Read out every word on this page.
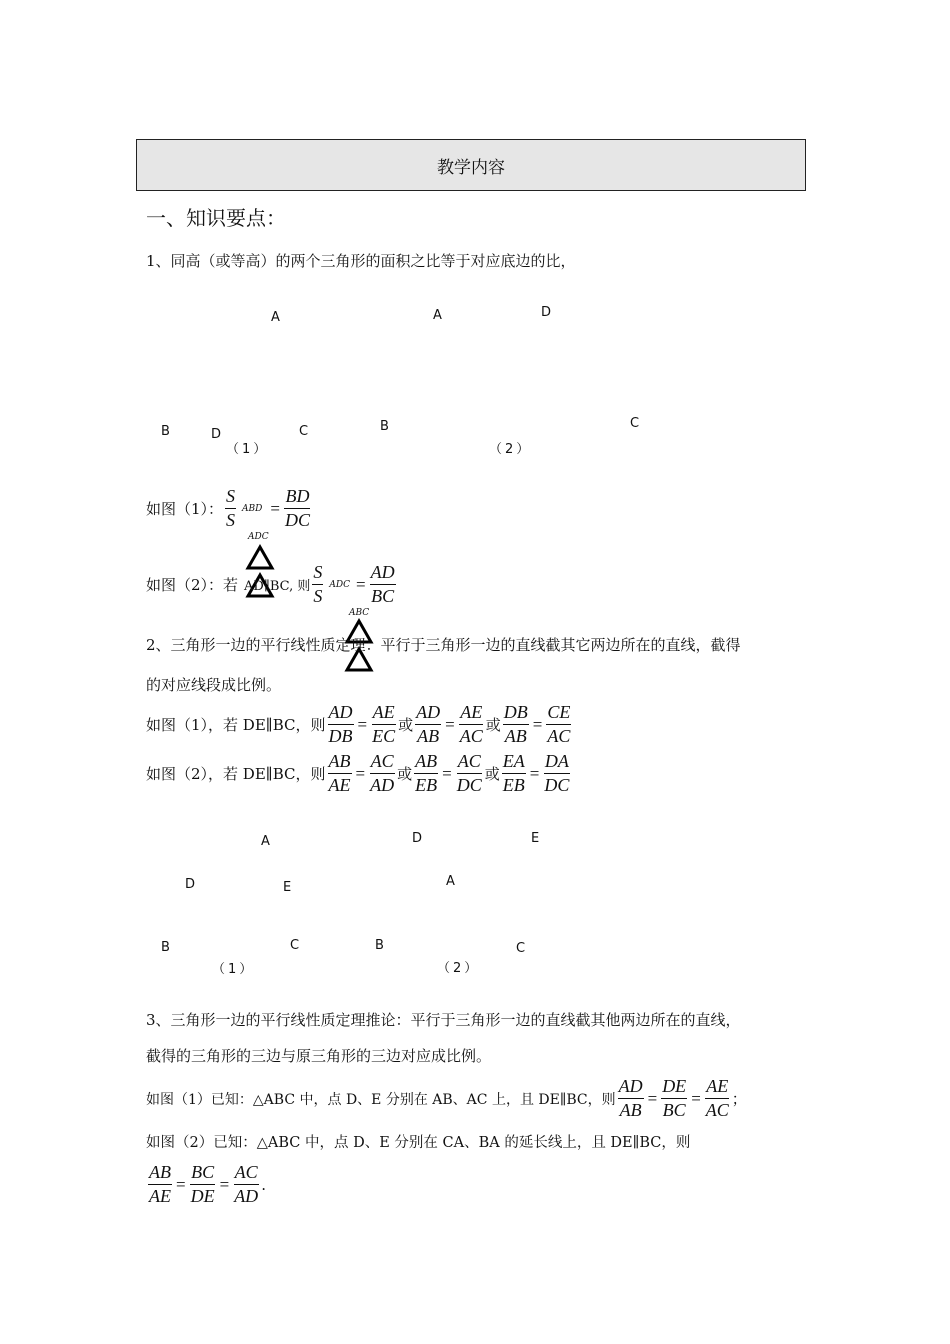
教学内容
一、知识要点：
1、同高（或等高）的两个三角形的面积之比等于对应底边的比，
A	A	D
B	D
（1）
C	B
（2）
C
如图（1）： $\frac{S}{S}$ ABD = $\frac{BD}{DC}$
ADC
如图（2）：若 AD∥BC, 则 $\frac{S}{S}$ ADC = $\frac{AD}{BC}$
ABC
2、三角形一边的平行线性质定理：平行于三角形一边的直线截其它两边所在的直线，截得
的对应线段成比例。
如图（1），若 DE∥BC，则 $\frac{AD}{DB} = \frac{AE}{EC}$ 或 $\frac{AD}{AB} = \frac{AE}{AC}$ 或 $\frac{DB}{AB} = \frac{CE}{AC}$
如图（2），若 DE∥BC，则 $\frac{AB}{AE} = \frac{AC}{AD}$ 或 $\frac{AB}{EB} = \frac{AC}{DC}$ 或 $\frac{EA}{EB} = \frac{DA}{DC}$
A	D	E
D	E	A
B	C	B	C
（1）	（2）
3、三角形一边的平行线性质定理推论：平行于三角形一边的直线截其他两边所在的直线，
截得的三角形的三边与原三角形的三边对应成比例。
如图（1）已知：△ABC 中，点 D、E 分别在 AB、AC 上，且 DE∥BC，则 $\frac{AD}{AB} = \frac{DE}{BC} = \frac{AE}{AC}$ ；
如图（2）已知：△ABC 中，点 D、E 分别在 CA、BA 的延长线上，且 DE∥BC，则
$\frac{AB}{AE} = \frac{BC}{DE} = \frac{AC}{AD}$ .
